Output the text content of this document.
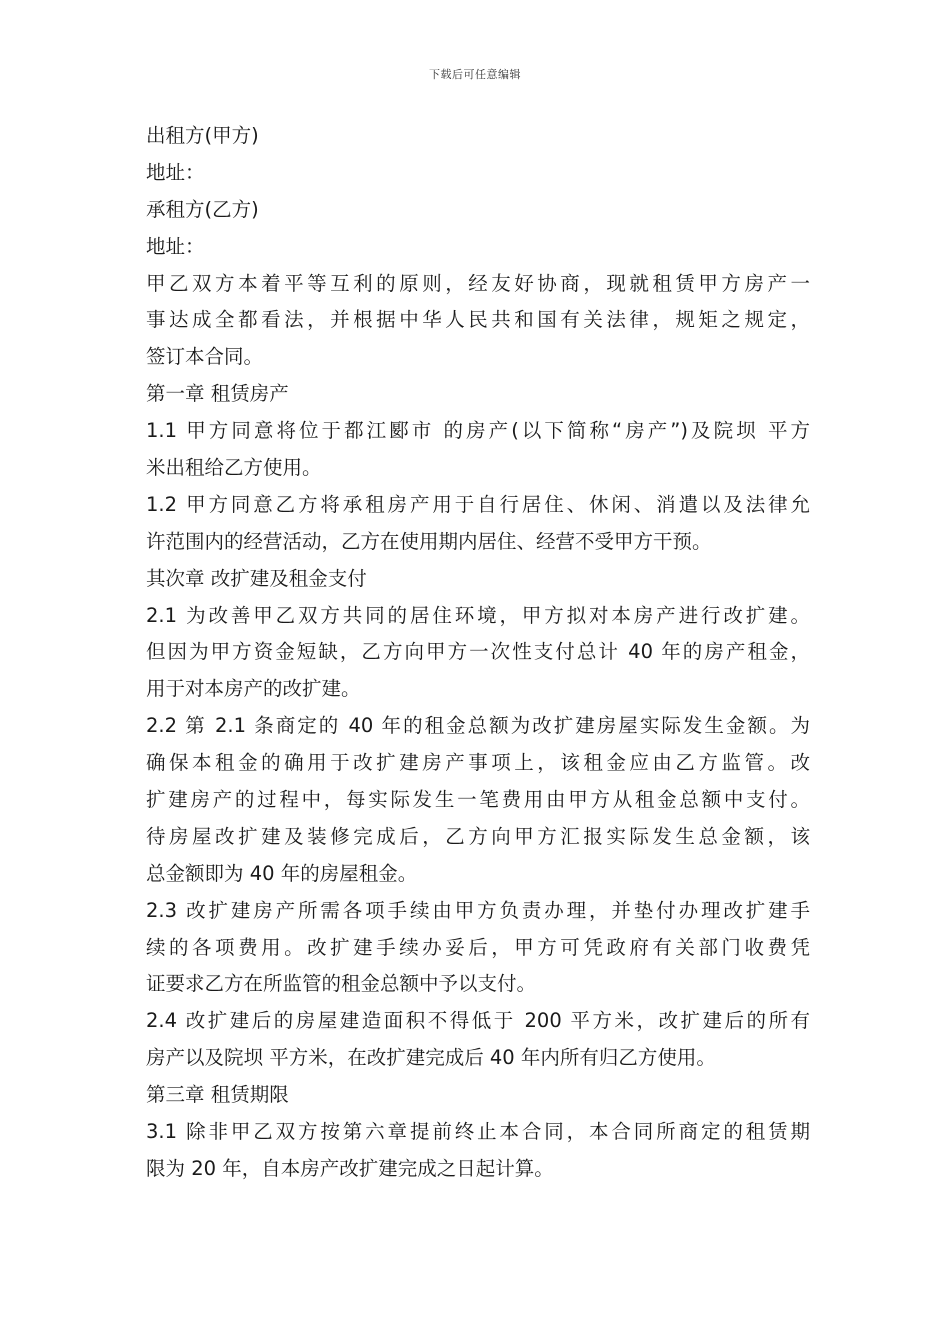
下载后可任意编辑
出租方(甲方)
地址：
承租方(乙方)
地址：
甲乙双方本着平等互利的原则，经友好协商，现就租赁甲方房产一
事达成全都看法，并根据中华人民共和国有关法律，规矩之规定，
签订本合同。
第一章 租赁房产
1.1 甲方同意将位于都江郾市 的房产(以下简称“房产”)及院坝 平方
米出租给乙方使用。
1.2 甲方同意乙方将承租房产用于自行居住、休闲、消遣以及法律允
许范围内的经营活动，乙方在使用期内居住、经营不受甲方干预。
其次章 改扩建及租金支付
2.1 为改善甲乙双方共同的居住环境，甲方拟对本房产进行改扩建。
但因为甲方资金短缺，乙方向甲方一次性支付总计 40 年的房产租金，
用于对本房产的改扩建。
2.2 第 2.1 条商定的 40 年的租金总额为改扩建房屋实际发生金额。为
确保本租金的确用于改扩建房产事项上，该租金应由乙方监管。改
扩建房产的过程中，每实际发生一笔费用由甲方从租金总额中支付。
待房屋改扩建及装修完成后，乙方向甲方汇报实际发生总金额，该
总金额即为 40 年的房屋租金。
2.3 改扩建房产所需各项手续由甲方负责办理，并垫付办理改扩建手
续的各项费用。改扩建手续办妥后，甲方可凭政府有关部门收费凭
证要求乙方在所监管的租金总额中予以支付。
2.4 改扩建后的房屋建造面积不得低于 200 平方米，改扩建后的所有
房产以及院坝 平方米，在改扩建完成后 40 年内所有归乙方使用。
第三章 租赁期限
3.1 除非甲乙双方按第六章提前终止本合同，本合同所商定的租赁期
限为 20 年，自本房产改扩建完成之日起计算。
